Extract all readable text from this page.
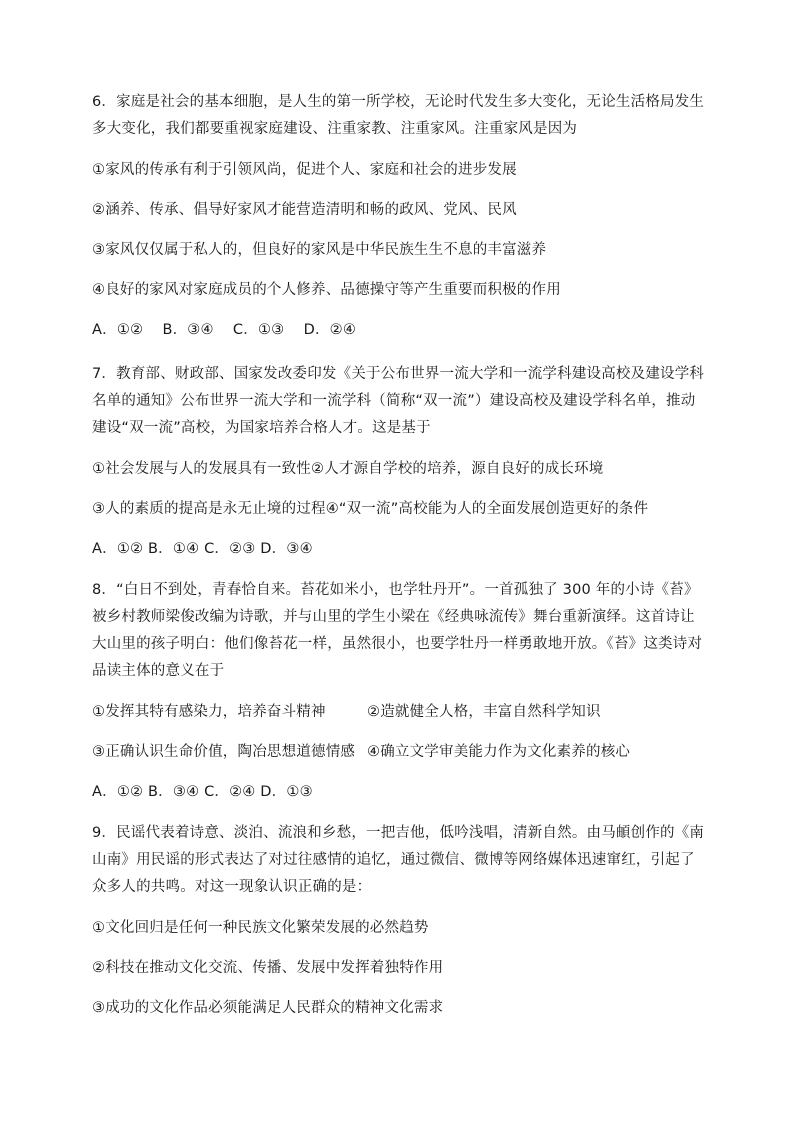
6．家庭是社会的基本细胞，是人生的第一所学校，无论时代发生多大变化，无论生活格局发生多大变化，我们都要重视家庭建设、注重家教、注重家风。注重家风是因为

①家风的传承有利于引领风尚，促进个人、家庭和社会的进步发展

②涵养、传承、倡导好家风才能营造清明和畅的政风、党风、民风

③家风仅仅属于私人的，但良好的家风是中华民族生生不息的丰富滋养

④良好的家风对家庭成员的个人修养、品德操守等产生重要而积极的作用

A．①②    B．③④    C．①③    D．②④

7．教育部、财政部、国家发改委印发《关于公布世界一流大学和一流学科建设高校及建设学科名单的通知》公布世界一流大学和一流学科（简称“双一流”）建设高校及建设学科名单，推动建设“双一流”高校，为国家培养合格人才。这是基于

①社会发展与人的发展具有一致性②人才源自学校的培养，源自良好的成长环境

③人的素质的提高是永无止境的过程④“双一流”高校能为人的全面发展创造更好的条件

A．①② B．①④ C．②③ D．③④

8．“白日不到处，青春恰自来。苔花如米小，也学牡丹开”。一首孤独了 300 年的小诗《苔》被乡村教师梁俊改编为诗歌，并与山里的学生小梁在《经典咏流传》舞台重新演绎。这首诗让大山里的孩子明白：他们像苔花一样，虽然很小，也要学牡丹一样勇敢地开放。《苔》这类诗对品读主体的意义在于

①发挥其特有感染力，培养奋斗精神	②造就健全人格，丰富自然科学知识
③正确认识生命价值，陶冶思想道德情感 ④确立文学审美能力作为文化素养的核心

A．①② B．③④ C．②④ D．①③

9．民谣代表着诗意、淡泊、流浪和乡愁，一把吉他，低吟浅唱，清新自然。由马頔创作的《南山南》用民谣的形式表达了对过往感情的追忆，通过微信、微博等网络媒体迅速窜红，引起了众多人的共鸣。对这一现象认识正确的是：

①文化回归是任何一种民族文化繁荣发展的必然趋势

②科技在推动文化交流、传播、发展中发挥着独特作用

③成功的文化作品必须能满足人民群众的精神文化需求
